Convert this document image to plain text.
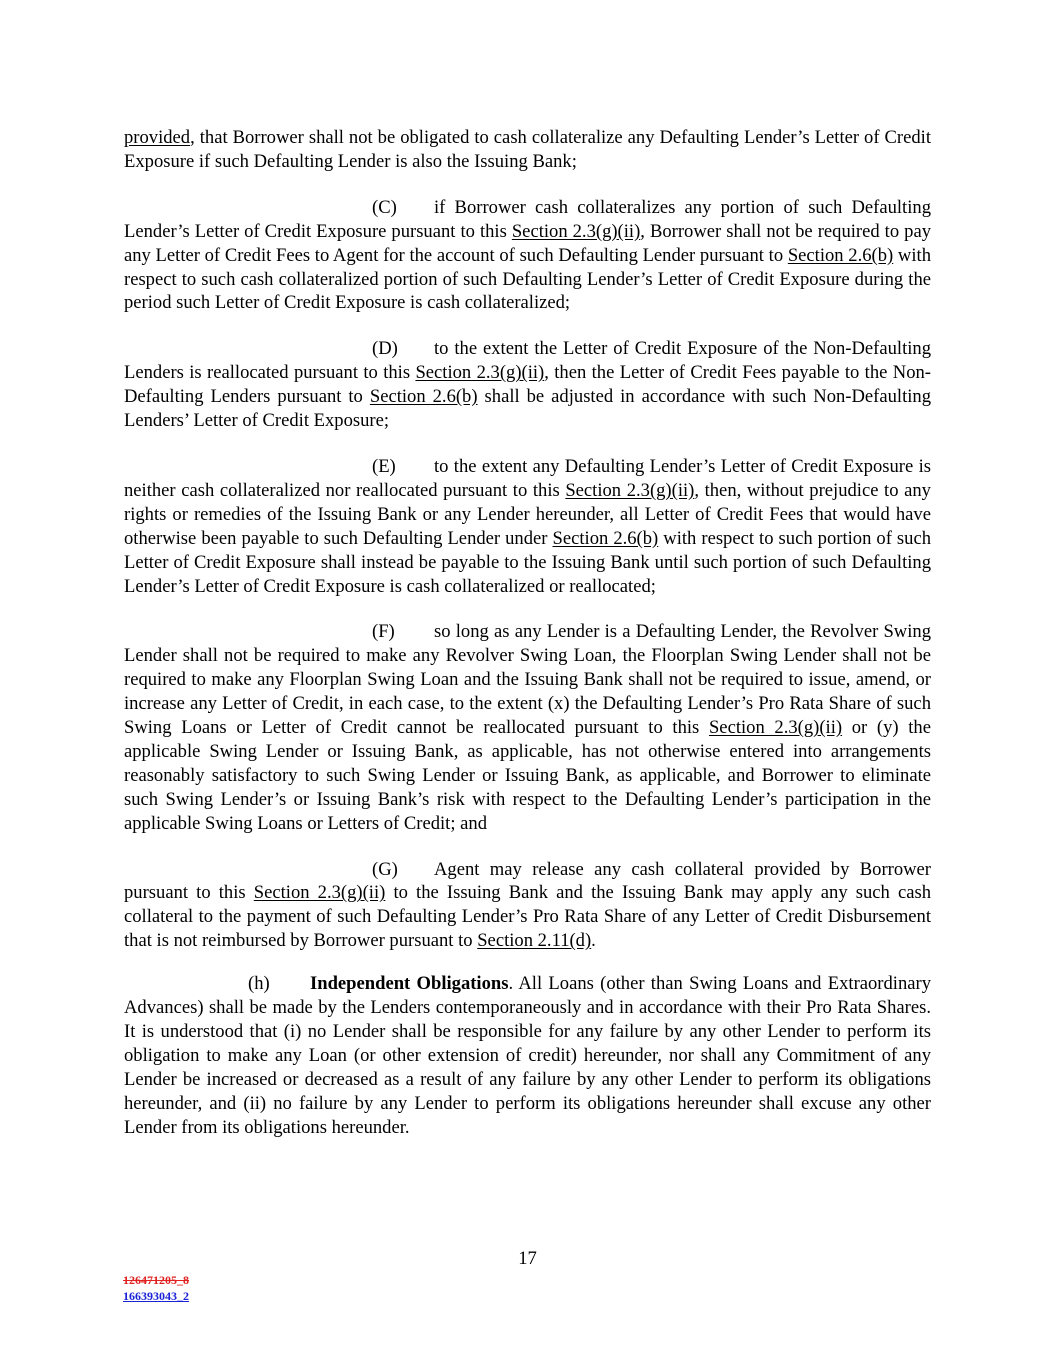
provided, that Borrower shall not be obligated to cash collateralize any Defaulting Lender’s Letter of Credit Exposure if such Defaulting Lender is also the Issuing Bank;

(C) if Borrower cash collateralizes any portion of such Defaulting Lender’s Letter of Credit Exposure pursuant to this Section 2.3(g)(ii), Borrower shall not be required to pay any Letter of Credit Fees to Agent for the account of such Defaulting Lender pursuant to Section 2.6(b) with respect to such cash collateralized portion of such Defaulting Lender’s Letter of Credit Exposure during the period such Letter of Credit Exposure is cash collateralized;

(D) to the extent the Letter of Credit Exposure of the Non-Defaulting Lenders is reallocated pursuant to this Section 2.3(g)(ii), then the Letter of Credit Fees payable to the Non-Defaulting Lenders pursuant to Section 2.6(b) shall be adjusted in accordance with such Non-Defaulting Lenders’ Letter of Credit Exposure;

(E) to the extent any Defaulting Lender’s Letter of Credit Exposure is neither cash collateralized nor reallocated pursuant to this Section 2.3(g)(ii), then, without prejudice to any rights or remedies of the Issuing Bank or any Lender hereunder, all Letter of Credit Fees that would have otherwise been payable to such Defaulting Lender under Section 2.6(b) with respect to such portion of such Letter of Credit Exposure shall instead be payable to the Issuing Bank until such portion of such Defaulting Lender’s Letter of Credit Exposure is cash collateralized or reallocated;

(F) so long as any Lender is a Defaulting Lender, the Revolver Swing Lender shall not be required to make any Revolver Swing Loan, the Floorplan Swing Lender shall not be required to make any Floorplan Swing Loan and the Issuing Bank shall not be required to issue, amend, or increase any Letter of Credit, in each case, to the extent (x) the Defaulting Lender’s Pro Rata Share of such Swing Loans or Letter of Credit cannot be reallocated pursuant to this Section 2.3(g)(ii) or (y) the applicable Swing Lender or Issuing Bank, as applicable, has not otherwise entered into arrangements reasonably satisfactory to such Swing Lender or Issuing Bank, as applicable, and Borrower to eliminate such Swing Lender’s or Issuing Bank’s risk with respect to the Defaulting Lender’s participation in the applicable Swing Loans or Letters of Credit; and

(G) Agent may release any cash collateral provided by Borrower pursuant to this Section 2.3(g)(ii) to the Issuing Bank and the Issuing Bank may apply any such cash collateral to the payment of such Defaulting Lender’s Pro Rata Share of any Letter of Credit Disbursement that is not reimbursed by Borrower pursuant to Section 2.11(d).

(h) Independent Obligations. All Loans (other than Swing Loans and Extraordinary Advances) shall be made by the Lenders contemporaneously and in accordance with their Pro Rata Shares. It is understood that (i) no Lender shall be responsible for any failure by any other Lender to perform its obligation to make any Loan (or other extension of credit) hereunder, nor shall any Commitment of any Lender be increased or decreased as a result of any failure by any other Lender to perform its obligations hereunder, and (ii) no failure by any Lender to perform its obligations hereunder shall excuse any other Lender from its obligations hereunder.

17
126471205_8
166393043_2
